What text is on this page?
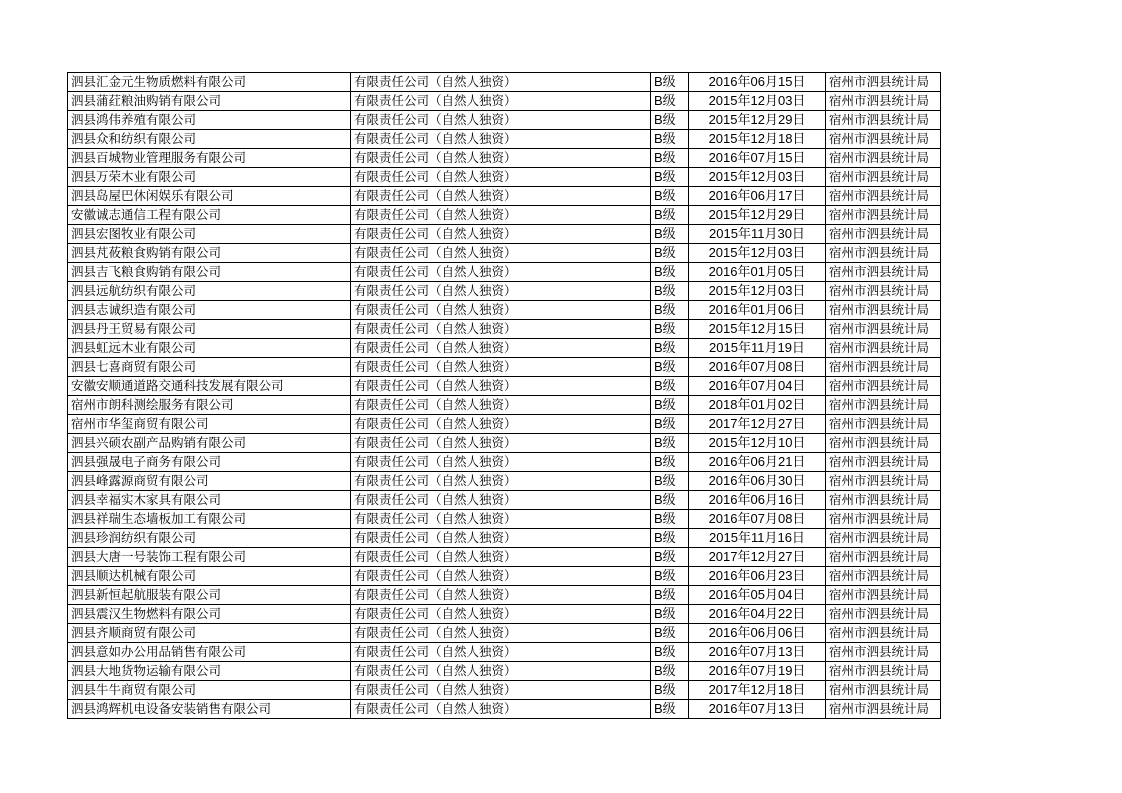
泗县汇金元生物质燃料有限公司	有限责任公司（自然人独资）	B级	2016年06月15日	宿州市泗县统计局
泗县蒲荭粮油购销有限公司	有限责任公司（自然人独资）	B级	2015年12月03日	宿州市泗县统计局
泗县鸿伟养殖有限公司	有限责任公司（自然人独资）	B级	2015年12月29日	宿州市泗县统计局
泗县众和纺织有限公司	有限责任公司（自然人独资）	B级	2015年12月18日	宿州市泗县统计局
泗县百城物业管理服务有限公司	有限责任公司（自然人独资）	B级	2016年07月15日	宿州市泗县统计局
泗县万荣木业有限公司	有限责任公司（自然人独资）	B级	2015年12月03日	宿州市泗县统计局
泗县岛屋巴休闲娱乐有限公司	有限责任公司（自然人独资）	B级	2016年06月17日	宿州市泗县统计局
安徽诚志通信工程有限公司	有限责任公司（自然人独资）	B级	2015年12月29日	宿州市泗县统计局
泗县宏图牧业有限公司	有限责任公司（自然人独资）	B级	2015年11月30日	宿州市泗县统计局
泗县芃莜粮食购销有限公司	有限责任公司（自然人独资）	B级	2015年12月03日	宿州市泗县统计局
泗县吉飞粮食购销有限公司	有限责任公司（自然人独资）	B级	2016年01月05日	宿州市泗县统计局
泗县远航纺织有限公司	有限责任公司（自然人独资）	B级	2015年12月03日	宿州市泗县统计局
泗县志诚织造有限公司	有限责任公司（自然人独资）	B级	2016年01月06日	宿州市泗县统计局
泗县丹王贸易有限公司	有限责任公司（自然人独资）	B级	2015年12月15日	宿州市泗县统计局
泗县虹远木业有限公司	有限责任公司（自然人独资）	B级	2015年11月19日	宿州市泗县统计局
泗县七喜商贸有限公司	有限责任公司（自然人独资）	B级	2016年07月08日	宿州市泗县统计局
安徽安顺通道路交通科技发展有限公司	有限责任公司（自然人独资）	B级	2016年07月04日	宿州市泗县统计局
宿州市朗科测绘服务有限公司	有限责任公司（自然人独资）	B级	2018年01月02日	宿州市泗县统计局
宿州市华玺商贸有限公司	有限责任公司（自然人独资）	B级	2017年12月27日	宿州市泗县统计局
泗县兴硕农副产品购销有限公司	有限责任公司（自然人独资）	B级	2015年12月10日	宿州市泗县统计局
泗县强晟电子商务有限公司	有限责任公司（自然人独资）	B级	2016年06月21日	宿州市泗县统计局
泗县峰露源商贸有限公司	有限责任公司（自然人独资）	B级	2016年06月30日	宿州市泗县统计局
泗县幸福实木家具有限公司	有限责任公司（自然人独资）	B级	2016年06月16日	宿州市泗县统计局
泗县祥瑞生态墙板加工有限公司	有限责任公司（自然人独资）	B级	2016年07月08日	宿州市泗县统计局
泗县珍润纺织有限公司	有限责任公司（自然人独资）	B级	2015年11月16日	宿州市泗县统计局
泗县大唐一号装饰工程有限公司	有限责任公司（自然人独资）	B级	2017年12月27日	宿州市泗县统计局
泗县顺达机械有限公司	有限责任公司（自然人独资）	B级	2016年06月23日	宿州市泗县统计局
泗县新恒起航服装有限公司	有限责任公司（自然人独资）	B级	2016年05月04日	宿州市泗县统计局
泗县震汉生物燃料有限公司	有限责任公司（自然人独资）	B级	2016年04月22日	宿州市泗县统计局
泗县齐顺商贸有限公司	有限责任公司（自然人独资）	B级	2016年06月06日	宿州市泗县统计局
泗县意如办公用品销售有限公司	有限责任公司（自然人独资）	B级	2016年07月13日	宿州市泗县统计局
泗县大地货物运输有限公司	有限责任公司（自然人独资）	B级	2016年07月19日	宿州市泗县统计局
泗县牛牛商贸有限公司	有限责任公司（自然人独资）	B级	2017年12月18日	宿州市泗县统计局
泗县鸿辉机电设备安装销售有限公司	有限责任公司（自然人独资）	B级	2016年07月13日	宿州市泗县统计局
